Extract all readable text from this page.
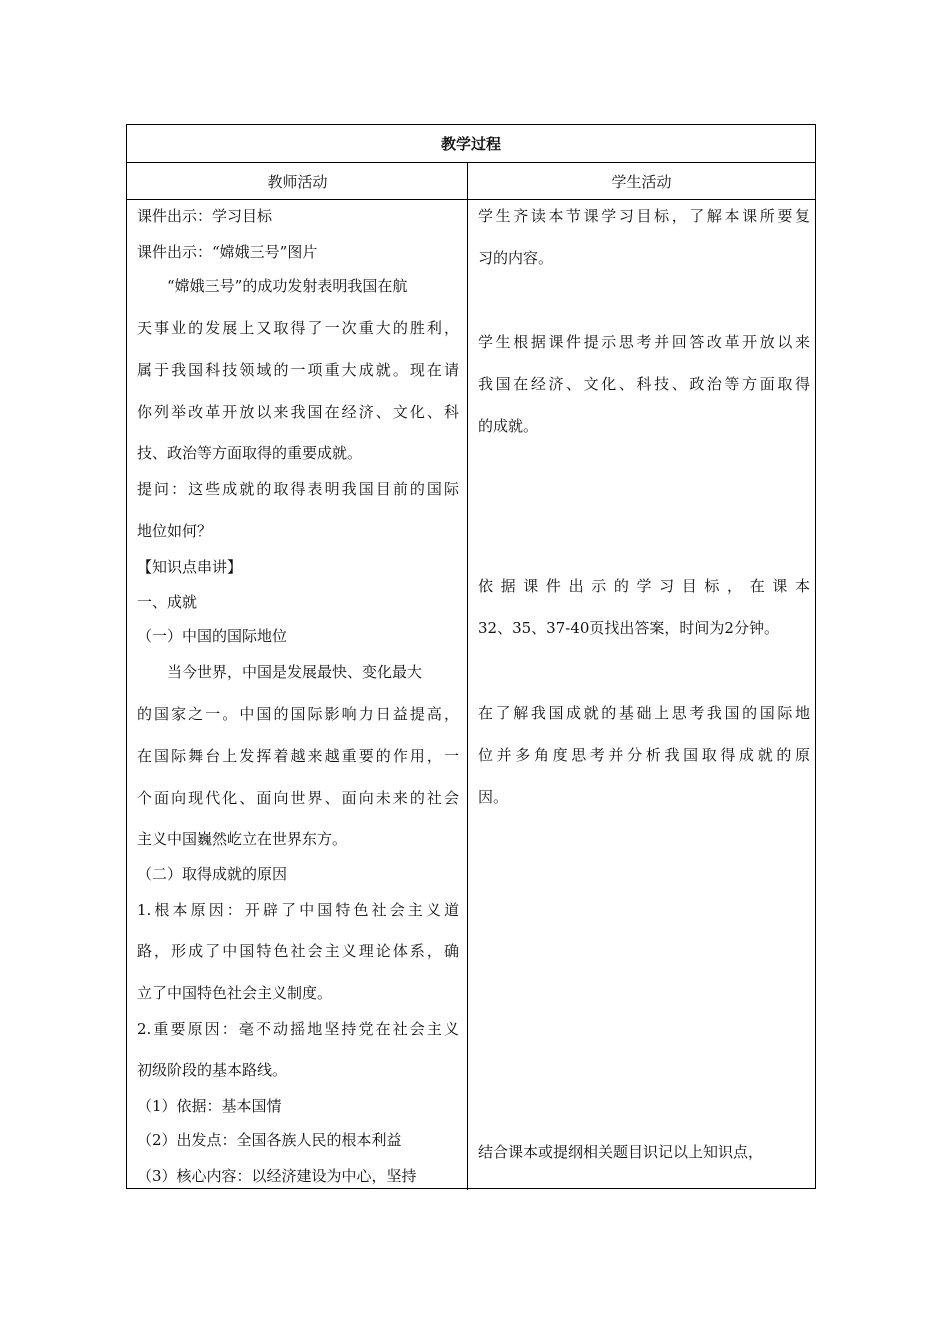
教学过程
教师活动	学生活动
课件出示：学习目标
课件出示：“嫦娥三号”图片
“嫦娥三号”的成功发射表明我国在航
天事业的发展上又取得了一次重大的胜利，
属于我国科技领域的一项重大成就。现在请
你列举改革开放以来我国在经济、文化、科
技、政治等方面取得的重要成就。
提问：这些成就的取得表明我国目前的国际
地位如何？
【知识点串讲】
一、成就
（一）中国的国际地位
当今世界，中国是发展最快、变化最大
的国家之一。中国的国际影响力日益提高，
在国际舞台上发挥着越来越重要的作用，一
个面向现代化、面向世界、面向未来的社会
主义中国巍然屹立在世界东方。
（二）取得成就的原因
1.根本原因：开辟了中国特色社会主义道
路，形成了中国特色社会主义理论体系，确
立了中国特色社会主义制度。
2.重要原因：毫不动摇地坚持党在社会主义
初级阶段的基本路线。
（1）依据：基本国情
（2）出发点：全国各族人民的根本利益
（3）核心内容：以经济建设为中心，坚持
学生齐读本节课学习目标，了解本课所要复
习的内容。
学生根据课件提示思考并回答改革开放以来
我国在经济、文化、科技、政治等方面取得
的成就。
依据课件出示的学习目标，在课本
32、35、37-40页找出答案，时间为2分钟。
在了解我国成就的基础上思考我国的国际地
位并多角度思考并分析我国取得成就的原
因。
结合课本或提纲相关题目识记以上知识点，
